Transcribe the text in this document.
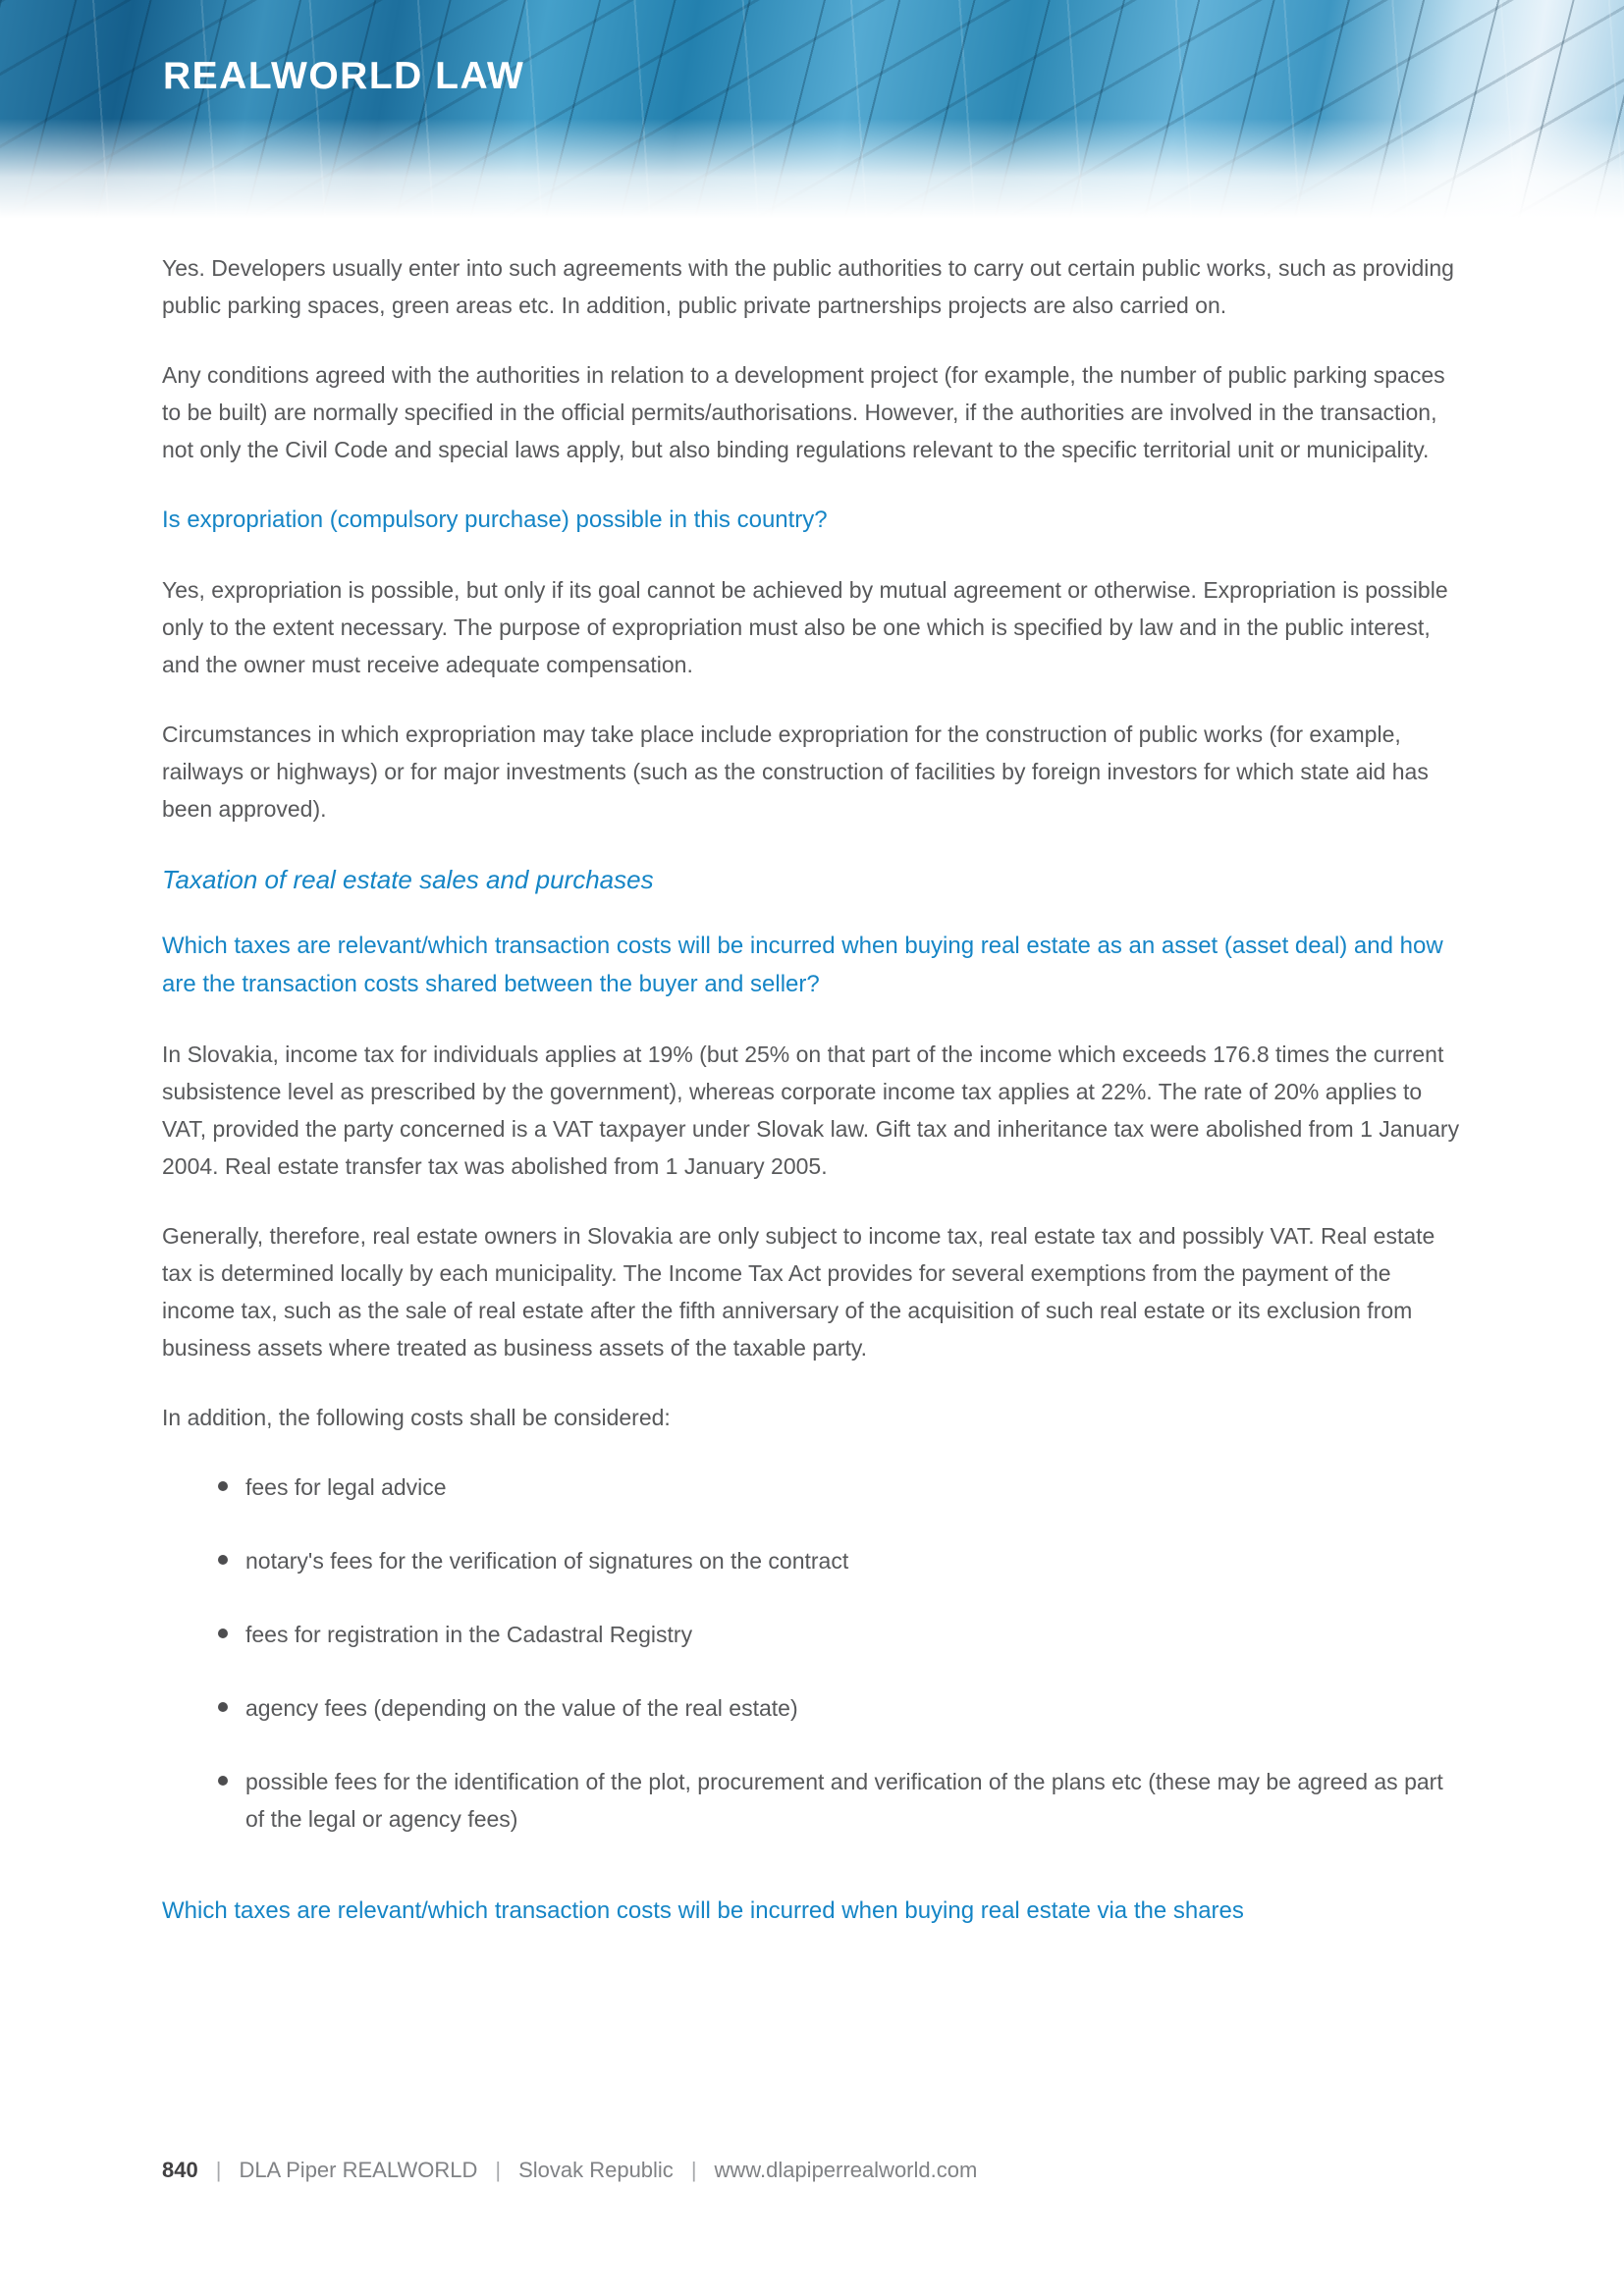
REALWORLD LAW

Yes. Developers usually enter into such agreements with the public authorities to carry out certain public works, such as providing public parking spaces, green areas etc. In addition, public private partnerships projects are also carried on.

Any conditions agreed with the authorities in relation to a development project (for example, the number of public parking spaces to be built) are normally specified in the official permits/authorisations. However, if the authorities are involved in the transaction, not only the Civil Code and special laws apply, but also binding regulations relevant to the specific territorial unit or municipality.

Is expropriation (compulsory purchase) possible in this country?

Yes, expropriation is possible, but only if its goal cannot be achieved by mutual agreement or otherwise. Expropriation is possible only to the extent necessary. The purpose of expropriation must also be one which is specified by law and in the public interest, and the owner must receive adequate compensation.

Circumstances in which expropriation may take place include expropriation for the construction of public works (for example, railways or highways) or for major investments (such as the construction of facilities by foreign investors for which state aid has been approved).

Taxation of real estate sales and purchases
Which taxes are relevant/which transaction costs will be incurred when buying real estate as an asset (asset deal) and how are the transaction costs shared between the buyer and seller?

In Slovakia, income tax for individuals applies at 19% (but 25% on that part of the income which exceeds 176.8 times the current subsistence level as prescribed by the government), whereas corporate income tax applies at 22%. The rate of 20% applies to VAT, provided the party concerned is a VAT taxpayer under Slovak law. Gift tax and inheritance tax were abolished from 1 January 2004. Real estate transfer tax was abolished from 1 January 2005.

Generally, therefore, real estate owners in Slovakia are only subject to income tax, real estate tax and possibly VAT. Real estate tax is determined locally by each municipality. The Income Tax Act provides for several exemptions from the payment of the income tax, such as the sale of real estate after the fifth anniversary of the acquisition of such real estate or its exclusion from business assets where treated as business assets of the taxable party.

In addition, the following costs shall be considered:

fees for legal advice
notary's fees for the verification of signatures on the contract
fees for registration in the Cadastral Registry
agency fees (depending on the value of the real estate)
possible fees for the identification of the plot, procurement and verification of the plans etc (these may be agreed as part of the legal or agency fees)
Which taxes are relevant/which transaction costs will be incurred when buying real estate via the shares
840 | DLA Piper REALWORLD | Slovak Republic | www.dlapiperrealworld.com
